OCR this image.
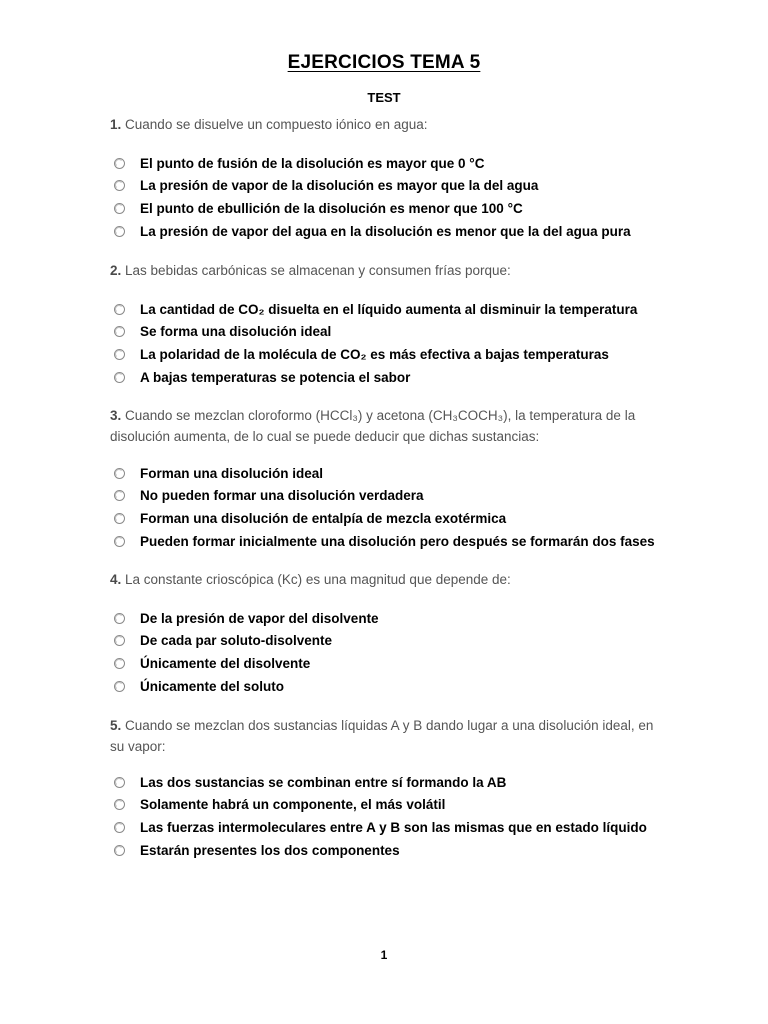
EJERCICIOS TEMA 5
TEST
1. Cuando se disuelve un compuesto iónico en agua:
El punto de fusión de la disolución es mayor que 0 °C
La presión de vapor de la disolución es mayor que la del agua
El punto de ebullición de la disolución es menor que 100 °C
La presión de vapor del agua en la disolución es menor que la del agua pura
2. Las bebidas carbónicas se almacenan y consumen frías porque:
La cantidad de CO₂ disuelta en el líquido aumenta al disminuir la temperatura
Se forma una disolución ideal
La polaridad de la molécula de CO₂ es más efectiva a bajas temperaturas
A bajas temperaturas se potencia el sabor
3. Cuando se mezclan cloroformo (HCCl₃) y acetona (CH₃COCH₃), la temperatura de la disolución aumenta, de lo cual se puede deducir que dichas sustancias:
Forman una disolución ideal
No pueden formar una disolución verdadera
Forman una disolución de entalpía de mezcla exotérmica
Pueden formar inicialmente una disolución pero después se formarán dos fases
4. La constante crioscópica (Kc) es una magnitud que depende de:
De la presión de vapor del disolvente
De cada par soluto-disolvente
Únicamente del disolvente
Únicamente del soluto
5. Cuando se mezclan dos sustancias líquidas A y B dando lugar a una disolución ideal, en su vapor:
Las dos sustancias se combinan entre sí formando la AB
Solamente habrá un componente, el más volátil
Las fuerzas intermoleculares entre A y B son las mismas que en estado líquido
Estarán presentes los dos componentes
1
